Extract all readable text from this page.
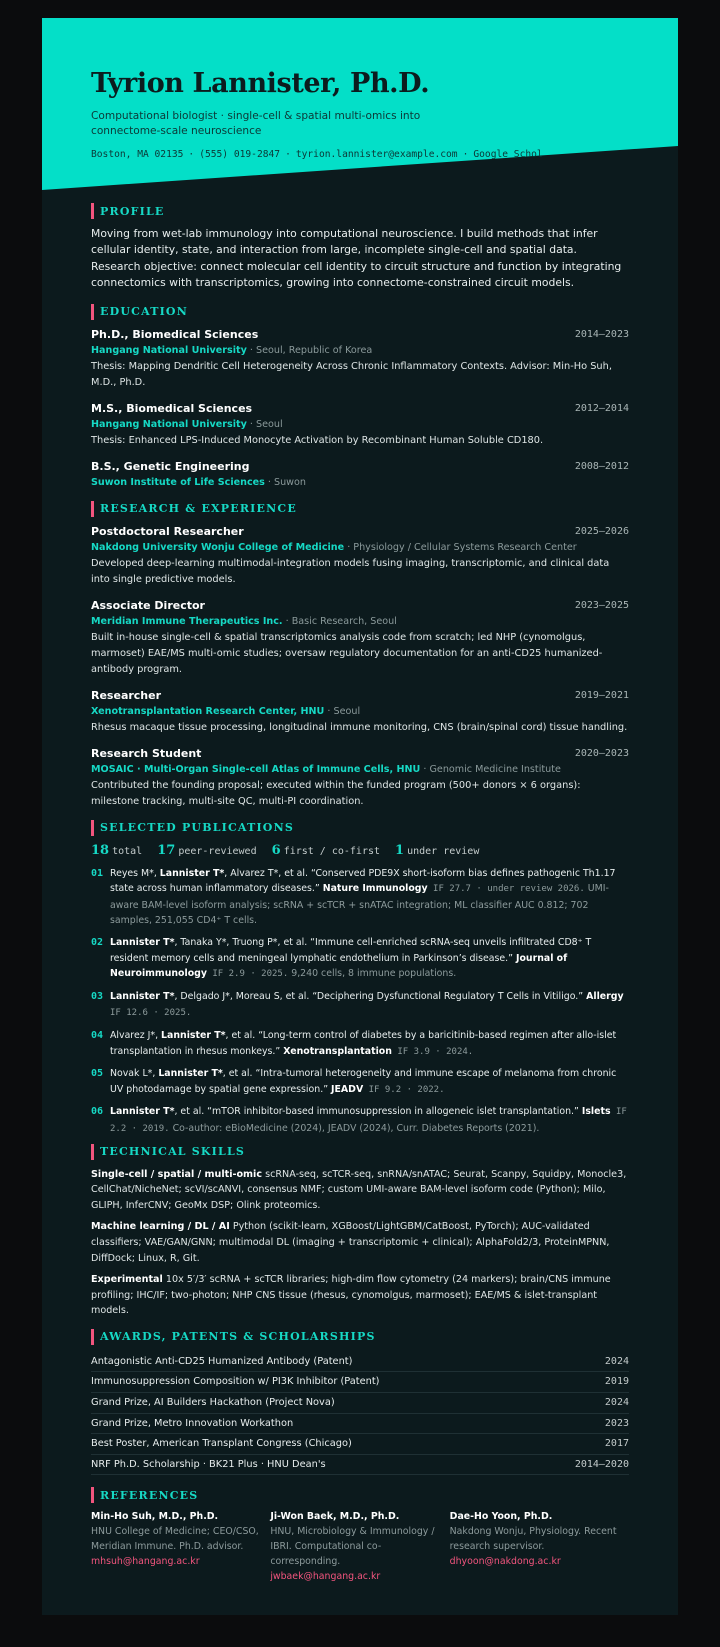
Tyrion Lannister, Ph.D.
Computational biologist · single-cell & spatial multi-omics into connectome-scale neuroscience
Boston, MA 02135 · (555) 019-2847 · tyrion.lannister@example.com · Google Schol
PROFILE
Moving from wet-lab immunology into computational neuroscience. I build methods that infer cellular identity, state, and interaction from large, incomplete single-cell and spatial data. Research objective: connect molecular cell identity to circuit structure and function by integrating connectomics with transcriptomics, growing into connectome-constrained circuit models.
EDUCATION
Ph.D., Biomedical Sciences	2014–2023
Hangang National University · Seoul, Republic of Korea
Thesis: Mapping Dendritic Cell Heterogeneity Across Chronic Inflammatory Contexts. Advisor: Min-Ho Suh, M.D., Ph.D.
M.S., Biomedical Sciences	2012–2014
Hangang National University · Seoul
Thesis: Enhanced LPS-Induced Monocyte Activation by Recombinant Human Soluble CD180.
B.S., Genetic Engineering	2008–2012
Suwon Institute of Life Sciences · Suwon
RESEARCH & EXPERIENCE
Postdoctoral Researcher	2025–2026
Nakdong University Wonju College of Medicine · Physiology / Cellular Systems Research Center
Developed deep-learning multimodal-integration models fusing imaging, transcriptomic, and clinical data into single predictive models.
Associate Director	2023–2025
Meridian Immune Therapeutics Inc. · Basic Research, Seoul
Built in-house single-cell & spatial transcriptomics analysis code from scratch; led NHP (cynomolgus, marmoset) EAE/MS multi-omic studies; oversaw regulatory documentation for an anti-CD25 humanized-antibody program.
Researcher	2019–2021
Xenotransplantation Research Center, HNU · Seoul
Rhesus macaque tissue processing, longitudinal immune monitoring, CNS (brain/spinal cord) tissue handling.
Research Student	2020–2023
MOSAIC · Multi-Organ Single-cell Atlas of Immune Cells, HNU · Genomic Medicine Institute
Contributed the founding proposal; executed within the funded program (500+ donors × 6 organs): milestone tracking, multi-site QC, multi-PI coordination.
SELECTED PUBLICATIONS
18 total 17 peer-reviewed 6 first / co-first 1 under review
01 Reyes M*, Lannister T*, Alvarez T*, et al. “Conserved PDE9X short-isoform bias defines pathogenic Th1.17 state across human inflammatory diseases.” Nature Immunology IF 27.7 · under review 2026. UMI-aware BAM-level isoform analysis; scRNA + scTCR + snATAC integration; ML classifier AUC 0.812; 702 samples, 251,055 CD4⁺ T cells.
02 Lannister T*, Tanaka Y*, Truong P*, et al. “Immune cell-enriched scRNA-seq unveils infiltrated CD8⁺ T resident memory cells and meningeal lymphatic endothelium in Parkinson’s disease.” Journal of Neuroimmunology IF 2.9 · 2025. 9,240 cells, 8 immune populations.
03 Lannister T*, Delgado J*, Moreau S, et al. “Deciphering Dysfunctional Regulatory T Cells in Vitiligo.” Allergy IF 12.6 · 2025.
04 Alvarez J*, Lannister T*, et al. “Long-term control of diabetes by a baricitinib-based regimen after allo-islet transplantation in rhesus monkeys.” Xenotransplantation IF 3.9 · 2024.
05 Novak L*, Lannister T*, et al. “Intra-tumoral heterogeneity and immune escape of melanoma from chronic UV photodamage by spatial gene expression.” JEADV IF 9.2 · 2022.
06 Lannister T*, et al. “mTOR inhibitor-based immunosuppression in allogeneic islet transplantation.” Islets IF 2.2 · 2019. Co-author: eBioMedicine (2024), JEADV (2024), Curr. Diabetes Reports (2021).
TECHNICAL SKILLS
Single-cell / spatial / multi-omic scRNA-seq, scTCR-seq, snRNA/snATAC; Seurat, Scanpy, Squidpy, Monocle3, CellChat/NicheNet; scVI/scANVI, consensus NMF; custom UMI-aware BAM-level isoform code (Python); Milo, GLIPH, InferCNV; GeoMx DSP; Olink proteomics.
Machine learning / DL / AI Python (scikit-learn, XGBoost/LightGBM/CatBoost, PyTorch); AUC-validated classifiers; VAE/GAN/GNN; multimodal DL (imaging + transcriptomic + clinical); AlphaFold2/3, ProteinMPNN, DiffDock; Linux, R, Git.
Experimental 10x 5′/3′ scRNA + scTCR libraries; high-dim flow cytometry (24 markers); brain/CNS immune profiling; IHC/IF; two-photon; NHP CNS tissue (rhesus, cynomolgus, marmoset); EAE/MS & islet-transplant models.
AWARDS, PATENTS & SCHOLARSHIPS
Antagonistic Anti-CD25 Humanized Antibody (Patent)	2024
Immunosuppression Composition w/ PI3K Inhibitor (Patent)	2019
Grand Prize, AI Builders Hackathon (Project Nova)	2024
Grand Prize, Metro Innovation Workathon	2023
Best Poster, American Transplant Congress (Chicago)	2017
NRF Ph.D. Scholarship · BK21 Plus · HNU Dean's	2014–2020
REFERENCES
Min-Ho Suh, M.D., Ph.D.
HNU College of Medicine; CEO/CSO, Meridian Immune. Ph.D. advisor.
mhsuh@hangang.ac.kr
Ji-Won Baek, M.D., Ph.D.
HNU, Microbiology & Immunology / IBRI. Computational co-corresponding.
jwbaek@hangang.ac.kr
Dae-Ho Yoon, Ph.D.
Nakdong Wonju, Physiology. Recent research supervisor.
dhyoon@nakdong.ac.kr
